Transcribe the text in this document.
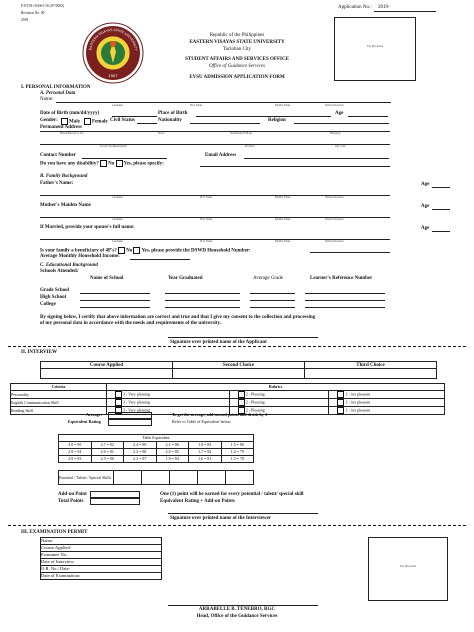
F-EVSU-SASO-16 (07-0002)
Revision No. 00
2018
Application No.: 2019-
1907
EASTERN VISAYAS STATE UNIVERSITY
Republic of the Philippines
EASTERN VISAYAS STATE UNIVERSITY
Tacloban City
STUDENT AFFAIRS AND SERVICES OFFICE
Office of Guidance Services
EVSU ADMISSION APPLICATION FORM
2x2 ID picture
I. PERSONAL INFORMATION
A. Personal Data
Name:
Lastname	First Name	Middle Name	Name Extension
Date of Birth (mm/dd/yyyy)	Place of Birth	Age
Gender:	Male	Female Civil Status	Nationality	Religion
Permanent Address
House/Block/Lot No.	Street	Subdivision/Village	Barangay
Town/City/Municipality	Province	Zip Code
Contact Number	Email Address
Do you have any disability? No Yes, please specify:
B. Family Background
Father's Name:
Lastname	First Name	Middle Name	Name Extension
Age
Mother's Maiden Name
Lastname	First Name	Middle Name	Name Extension
Age
If Married, provide your spouse's full name:
Lastname	First Name	Middle Name	Name Extension
Age
Is your family a beneficiary of 4P's? No Yes, please provide the DSWD Household Number:
Average Monthly Household Income:
C. Educational Background
Schools Attended:
Name of School	Year Graduated	Average Grade	Learner's Reference Number
Grade School
High School
College
By signing below, I certify that above information are correct and true and that I give my consent to the collection and processing
of my personal data in accordance with the needs and requirements of the university.
Signature over printed name of the Applicant
II. INTERVIEW
Course Applied	Second Choice	Third Choice

Criteria	Rubrics		
Personality	3 - Very pleasing	2 - Pleasing	1 - not pleasant
English Communication Skill	3 - Very pleasing	2 - Pleasing	1 - not pleasant
Reading Skill	3 - Very pleasing	2 - Pleasing	1 - not pleasant
Average:	To get the average, add earned points and divide by 3
Equivalent Rating	Refer to Table of Equivalent below
Table Equivalent					
3.0 = 95	2.7 = 92	2.4 = 89	2.1 = 86	1.8 = 83	1.5 = 80
2.9 = 94	2.6 = 91	2.3 = 88	2.0 = 85	1.7 = 82	1.4 = 79
2.8 = 93	2.5 = 90	2.2 = 87	1.9 = 84	1.6 = 81	1.3 = 78
Potential / Talent / Special Skills					
Add-on Point	One (1) point will be earned for every potential / talent/ special skill
Total Points	Equivalent Rating + Add-on Points
Signature over printed name of the Interviewer
III. EXAMINATION PERMIT
Name:
Course Applied:
Examinee No.:
Date of Interview:
O.R. No./ Date:
Date of Examination:
2x2 ID picture
ARRABELLE B. TENEBRO, RGC
Head, Office of the Guidance Services
